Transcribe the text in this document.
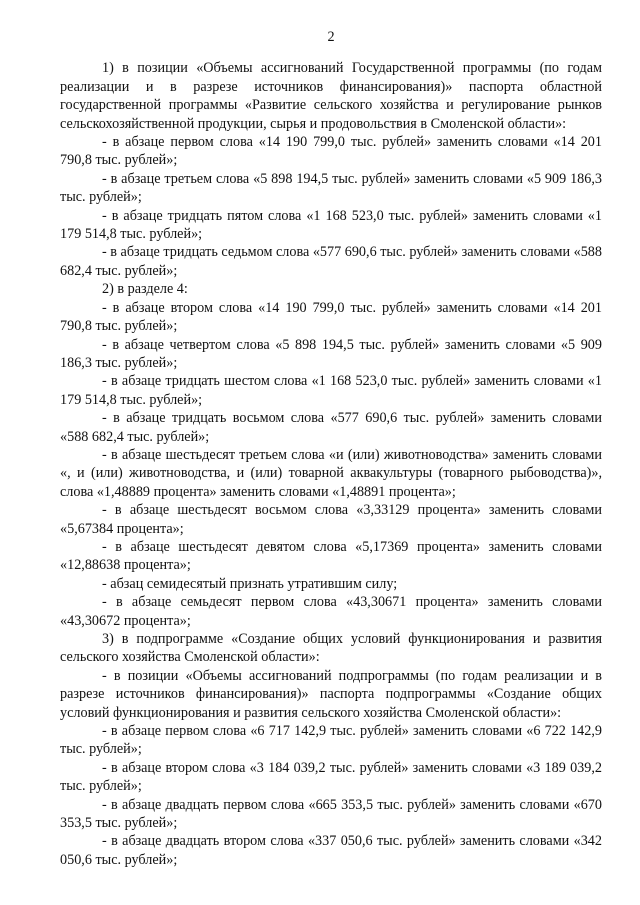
2

1) в позиции «Объемы ассигнований Государственной программы (по годам реализации и в разрезе источников финансирования)» паспорта областной государственной программы «Развитие сельского хозяйства и регулирование рынков сельскохозяйственной продукции, сырья и продовольствия в Смоленской области»:

- в абзаце первом слова «14 190 799,0 тыс. рублей» заменить словами «14 201 790,8 тыс. рублей»;

- в абзаце третьем слова «5 898 194,5 тыс. рублей» заменить словами «5 909 186,3 тыс. рублей»;

- в абзаце тридцать пятом слова «1 168 523,0 тыс. рублей» заменить словами «1 179 514,8 тыс. рублей»;

- в абзаце тридцать седьмом слова «577 690,6 тыс. рублей» заменить словами «588 682,4 тыс. рублей»;

2) в разделе 4:

- в абзаце втором слова «14 190 799,0 тыс. рублей» заменить словами «14 201 790,8 тыс. рублей»;

- в абзаце четвертом слова «5 898 194,5 тыс. рублей» заменить словами «5 909 186,3 тыс. рублей»;

- в абзаце тридцать шестом слова «1 168 523,0 тыс. рублей» заменить словами «1 179 514,8 тыс. рублей»;

- в абзаце тридцать восьмом слова «577 690,6 тыс. рублей» заменить словами «588 682,4 тыс. рублей»;

- в абзаце шестьдесят третьем слова «и (или) животноводства» заменить словами «, и (или) животноводства, и (или) товарной аквакультуры (товарного рыбоводства)», слова «1,48889 процента» заменить словами «1,48891 процента»;

- в абзаце шестьдесят восьмом слова «3,33129 процента» заменить словами «5,67384 процента»;

- в абзаце шестьдесят девятом слова «5,17369 процента» заменить словами «12,88638 процента»;

- абзац семидесятый признать утратившим силу;

- в абзаце семьдесят первом слова «43,30671 процента» заменить словами «43,30672 процента»;

3) в подпрограмме «Создание общих условий функционирования и развития сельского хозяйства Смоленской области»:

- в позиции «Объемы ассигнований подпрограммы (по годам реализации и в разрезе источников финансирования)» паспорта подпрограммы «Создание общих условий функционирования и развития сельского хозяйства Смоленской области»:

- в абзаце первом слова «6 717 142,9 тыс. рублей» заменить словами «6 722 142,9 тыс. рублей»;

- в абзаце втором слова «3 184 039,2 тыс. рублей» заменить словами «3 189 039,2 тыс. рублей»;

- в абзаце двадцать первом слова «665 353,5 тыс. рублей» заменить словами «670 353,5 тыс. рублей»;

- в абзаце двадцать втором слова «337 050,6 тыс. рублей» заменить словами «342 050,6 тыс. рублей»;
